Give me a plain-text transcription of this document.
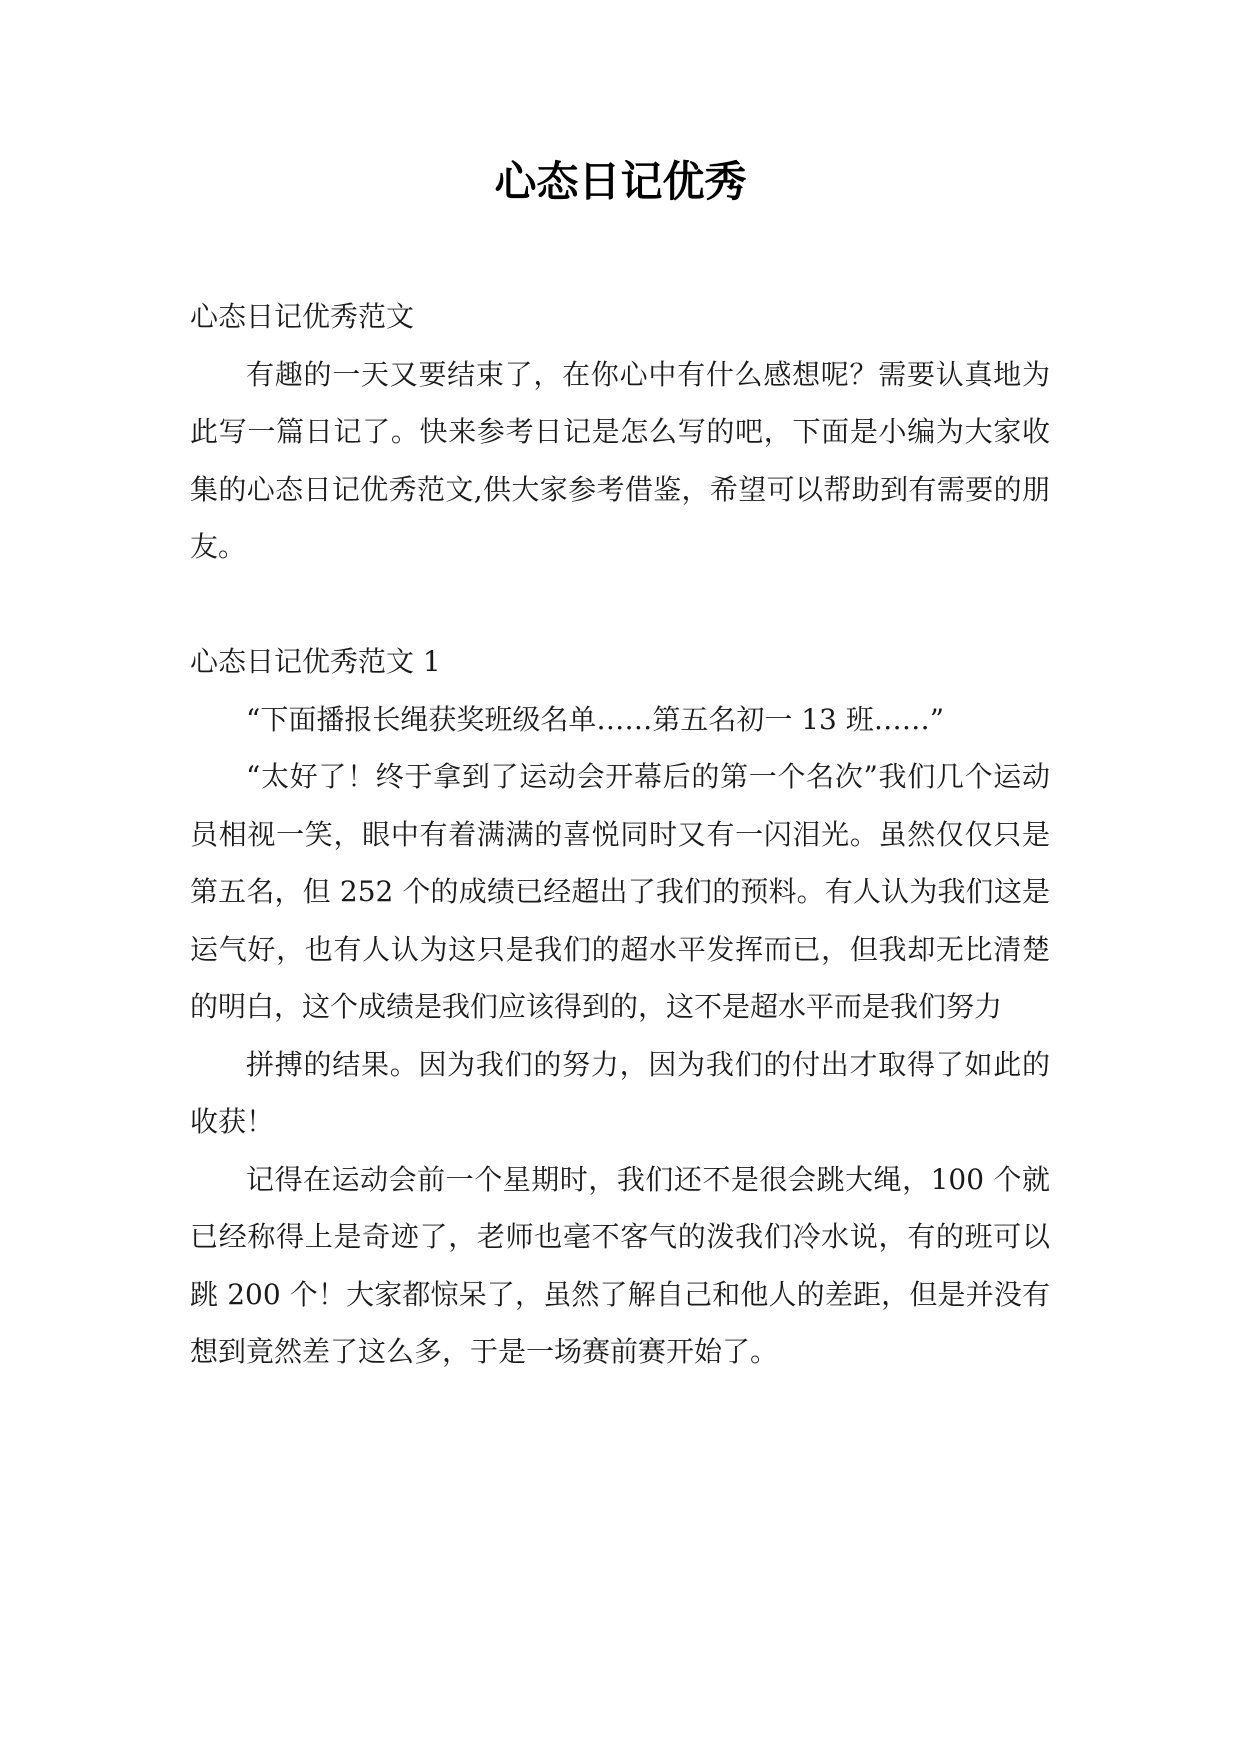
心态日记优秀

心态日记优秀范文

有趣的一天又要结束了，在你心中有什么感想呢？需要认真地为此写一篇日记了。快来参考日记是怎么写的吧，下面是小编为大家收集的心态日记优秀范文,供大家参考借鉴，希望可以帮助到有需要的朋友。

心态日记优秀范文 1

“下面播报长绳获奖班级名单……第五名初一 13 班……”

“太好了！终于拿到了运动会开幕后的第一个名次”我们几个运动员相视一笑，眼中有着满满的喜悦同时又有一闪泪光。虽然仅仅只是第五名，但 252 个的成绩已经超出了我们的预料。有人认为我们这是运气好，也有人认为这只是我们的超水平发挥而已，但我却无比清楚的明白，这个成绩是我们应该得到的，这不是超水平而是我们努力

拼搏的结果。因为我们的努力，因为我们的付出才取得了如此的收获！

记得在运动会前一个星期时，我们还不是很会跳大绳，100 个就已经称得上是奇迹了，老师也毫不客气的泼我们冷水说，有的班可以跳 200 个！大家都惊呆了，虽然了解自己和他人的差距，但是并没有想到竟然差了这么多，于是一场赛前赛开始了。
